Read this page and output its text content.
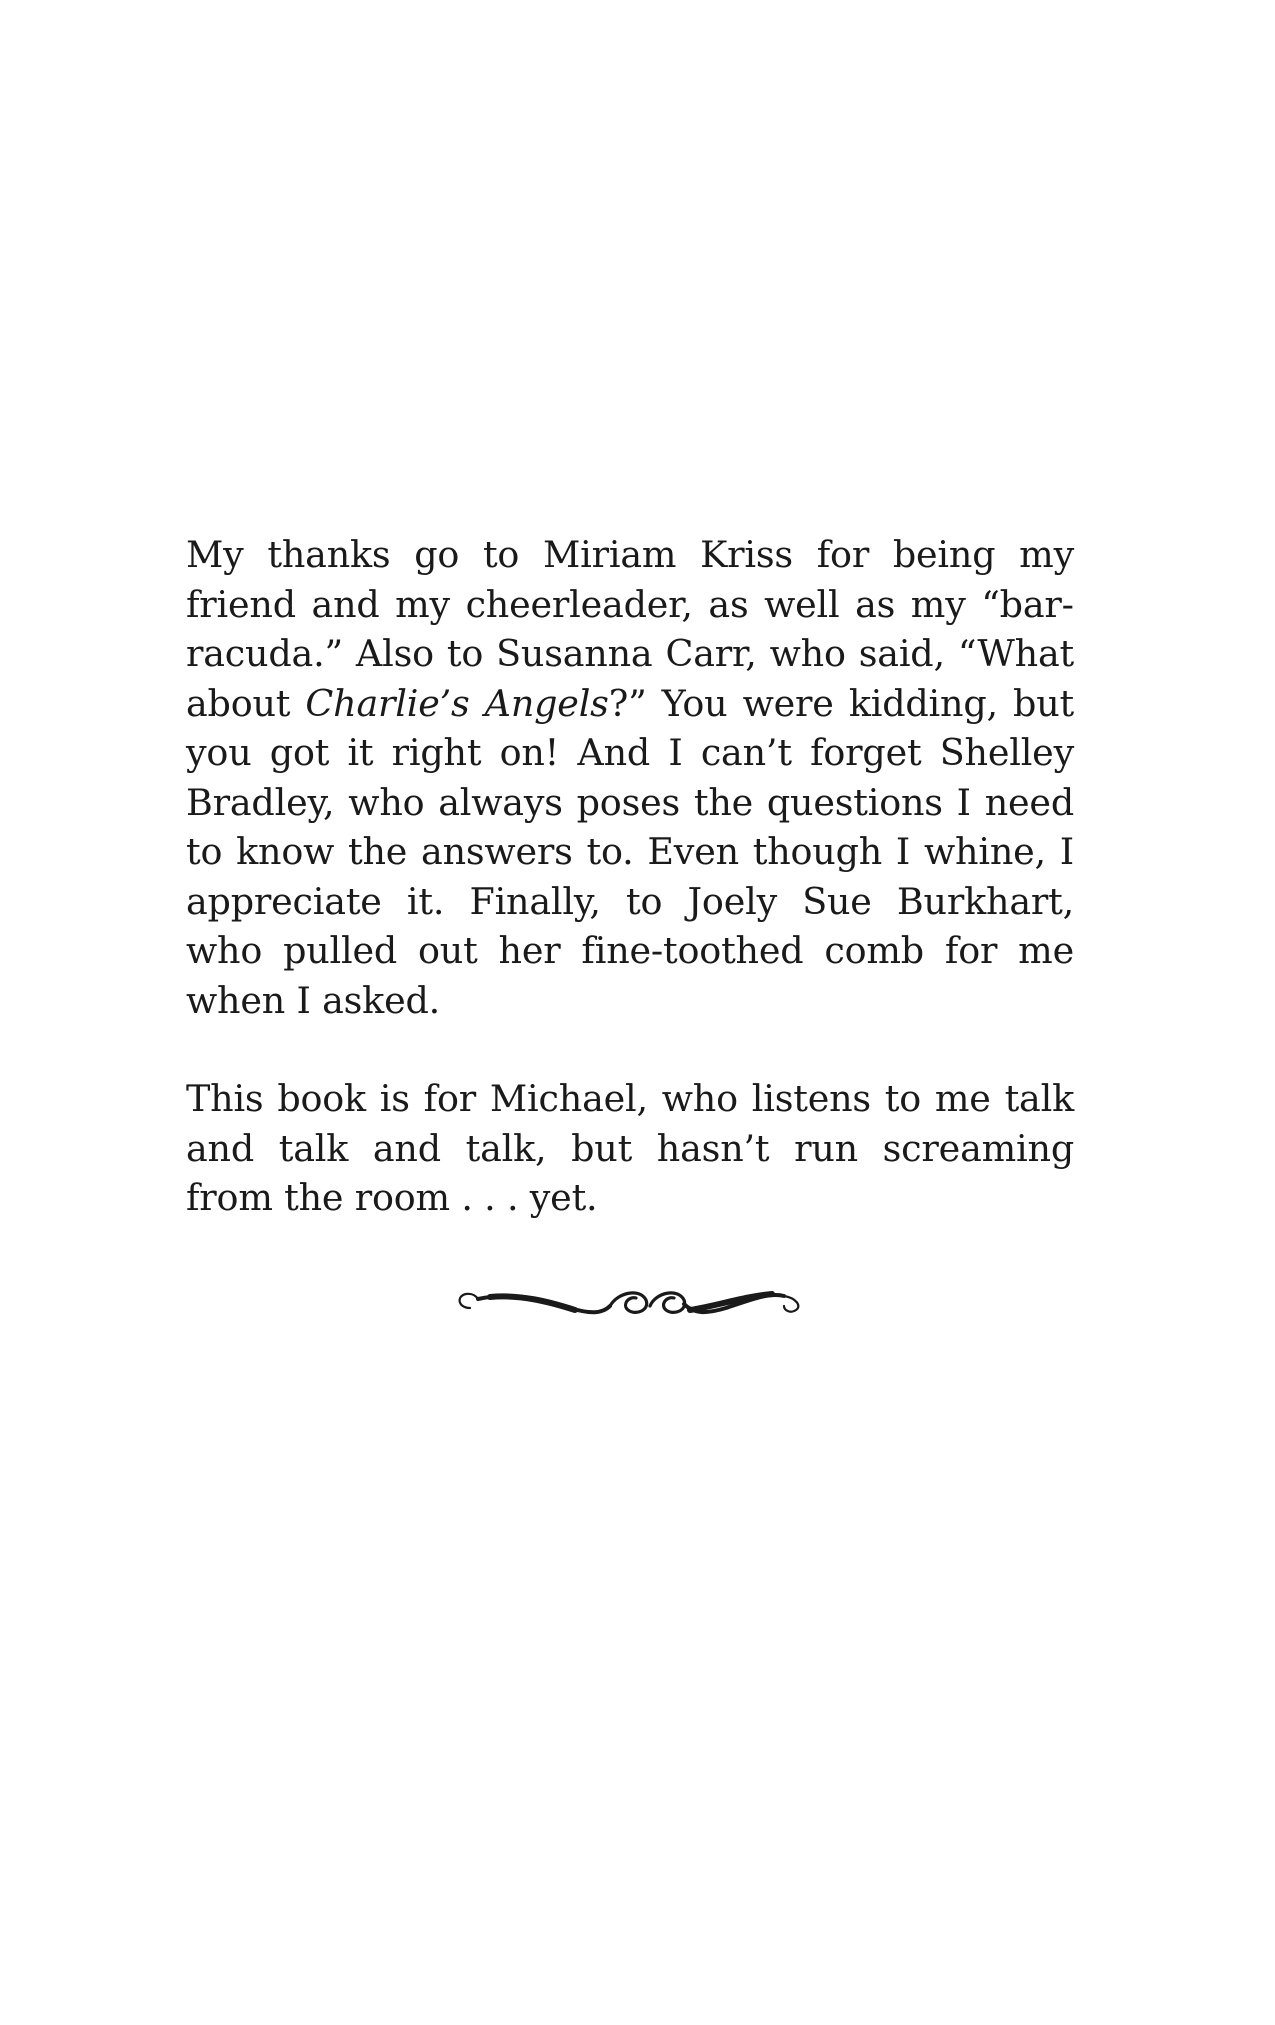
My thanks go to Miriam Kriss for being my friend and my cheerleader, as well as my “barracuda.” Also to Susanna Carr, who said, “What about Charlie’s Angels?” You were kidding, but you got it right on! And I can’t forget Shelley Bradley, who always poses the questions I need to know the answers to. Even though I whine, I appreciate it. Finally, to Joely Sue Burkhart, who pulled out her fine-toothed comb for me when I asked.

This book is for Michael, who listens to me talk and talk and talk, but hasn’t run screaming from the room . . . yet.
